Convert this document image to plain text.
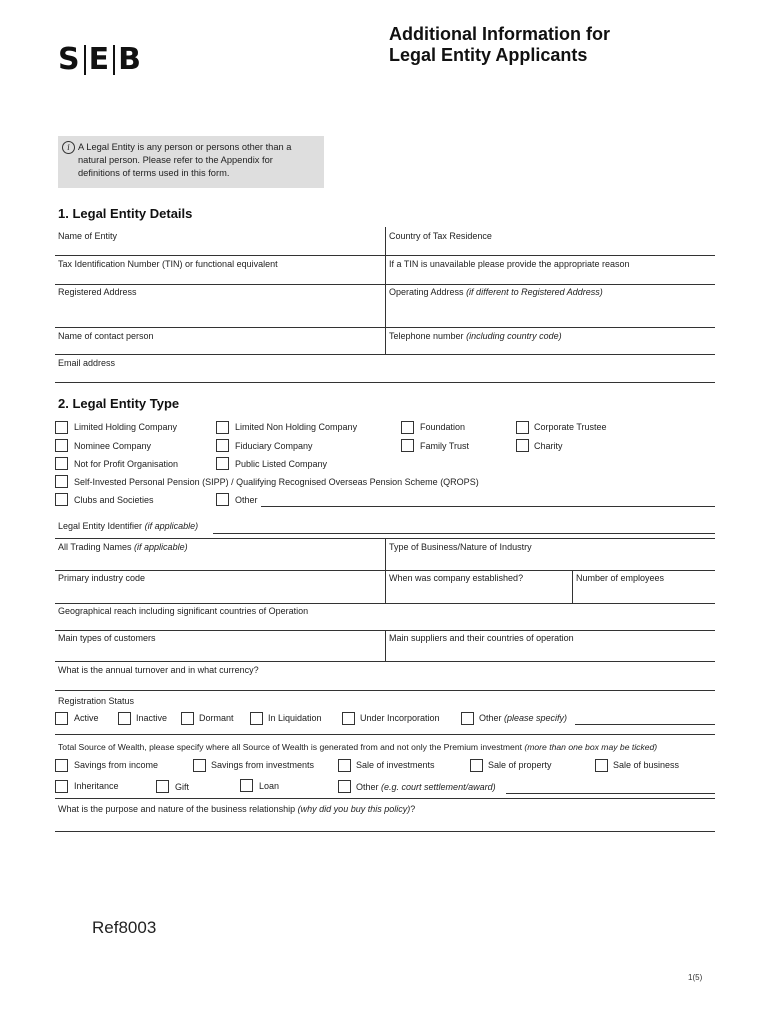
S E B
Additional Information for
Legal Entity Applicants
i A Legal Entity is any person or persons other than a natural person. Please refer to the Appendix for definitions of terms used in this form.
1. Legal Entity Details
Name of Entity	Country of Tax Residence
Tax Identification Number (TIN) or functional equivalent	If a TIN is unavailable please provide the appropriate reason
Registered Address	Operating Address (if different to Registered Address)
Name of contact person	Telephone number (including country code)
Email address
2. Legal Entity Type
Limited Holding Company	Limited Non Holding Company	Foundation	Corporate Trustee
Nominee Company	Fiduciary Company	Family Trust	Charity
Not for Profit Organisation	Public Listed Company
Self-Invested Personal Pension (SIPP) / Qualifying Recognised Overseas Pension Scheme (QROPS)
Clubs and Societies	Other
Legal Entity Identifier (if applicable)
All Trading Names (if applicable)	Type of Business/Nature of Industry
Primary industry code	When was company established?	Number of employees
Geographical reach including significant countries of Operation
Main types of customers	Main suppliers and their countries of operation
What is the annual turnover and in what currency?
Registration Status
Active	Inactive	Dormant	In Liquidation	Under Incorporation	Other (please specify)
Total Source of Wealth, please specify where all Source of Wealth is generated from and not only the Premium investment (more than one box may be ticked)
Savings from income	Savings from investments	Sale of investments	Sale of property	Sale of business
Inheritance	Gift	Loan	Other (e.g. court settlement/award)
What is the purpose and nature of the business relationship (why did you buy this policy)?
Ref8003
1(5)
